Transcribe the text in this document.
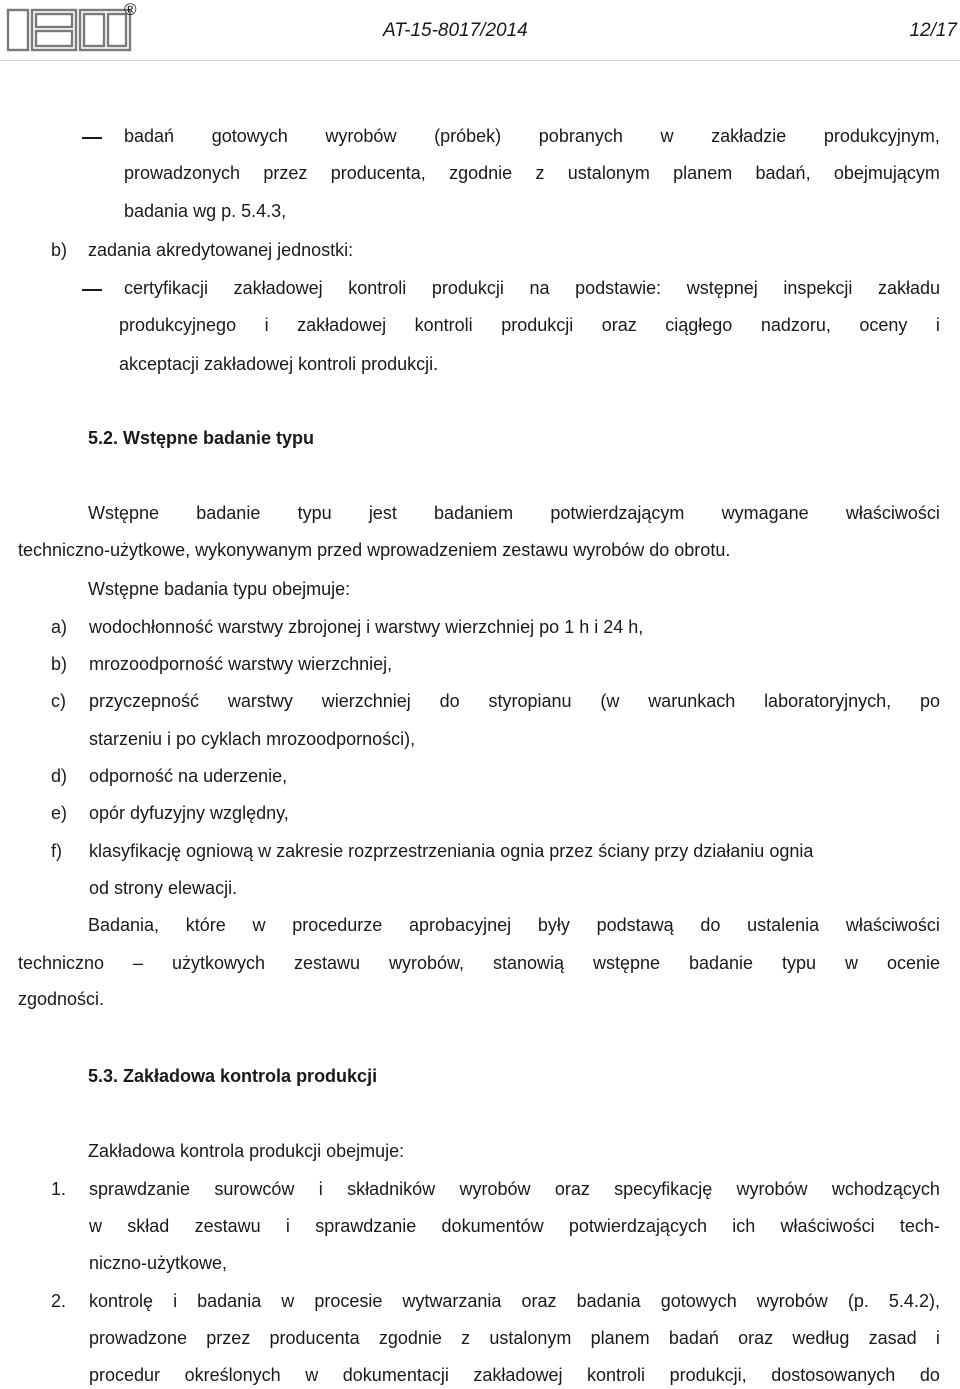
®
AT-15-8017/2014	12/17
badań gotowych wyrobów (próbek) pobranych w zakładzie produkcyjnym,
prowadzonych przez producenta, zgodnie z ustalonym planem badań, obejmującym
badania wg p. 5.4.3,
b) zadania akredytowanej jednostki:
certyfikacji zakładowej kontroli produkcji na podstawie: wstępnej inspekcji zakładu
produkcyjnego i zakładowej kontroli produkcji oraz ciągłego nadzoru, oceny i
akceptacji zakładowej kontroli produkcji.
5.2. Wstępne badanie typu
Wstępne badanie typu jest badaniem potwierdzającym wymagane właściwości
techniczno-użytkowe, wykonywanym przed wprowadzeniem zestawu wyrobów do obrotu.
Wstępne badania typu obejmuje:
a) wodochłonność warstwy zbrojonej i warstwy wierzchniej po 1 h i 24 h,
b) mrozoodporność warstwy wierzchniej,
c) przyczepność warstwy wierzchniej do styropianu (w warunkach laboratoryjnych, po
starzeniu i po cyklach mrozoodporności),
d) odporność na uderzenie,
e) opór dyfuzyjny względny,
f) klasyfikację ogniową w zakresie rozprzestrzeniania ognia przez ściany przy działaniu ognia
od strony elewacji.
Badania, które w procedurze aprobacyjnej były podstawą do ustalenia właściwości
techniczno – użytkowych zestawu wyrobów, stanowią wstępne badanie typu w ocenie
zgodności.
5.3. Zakładowa kontrola produkcji
Zakładowa kontrola produkcji obejmuje:
1. sprawdzanie surowców i składników wyrobów oraz specyfikację wyrobów wchodzących
w skład zestawu i sprawdzanie dokumentów potwierdzających ich właściwości tech-
niczno-użytkowe,
2. kontrolę i badania w procesie wytwarzania oraz badania gotowych wyrobów (p. 5.4.2),
prowadzone przez producenta zgodnie z ustalonym planem badań oraz według zasad i
procedur określonych w dokumentacji zakładowej kontroli produkcji, dostosowanych do
